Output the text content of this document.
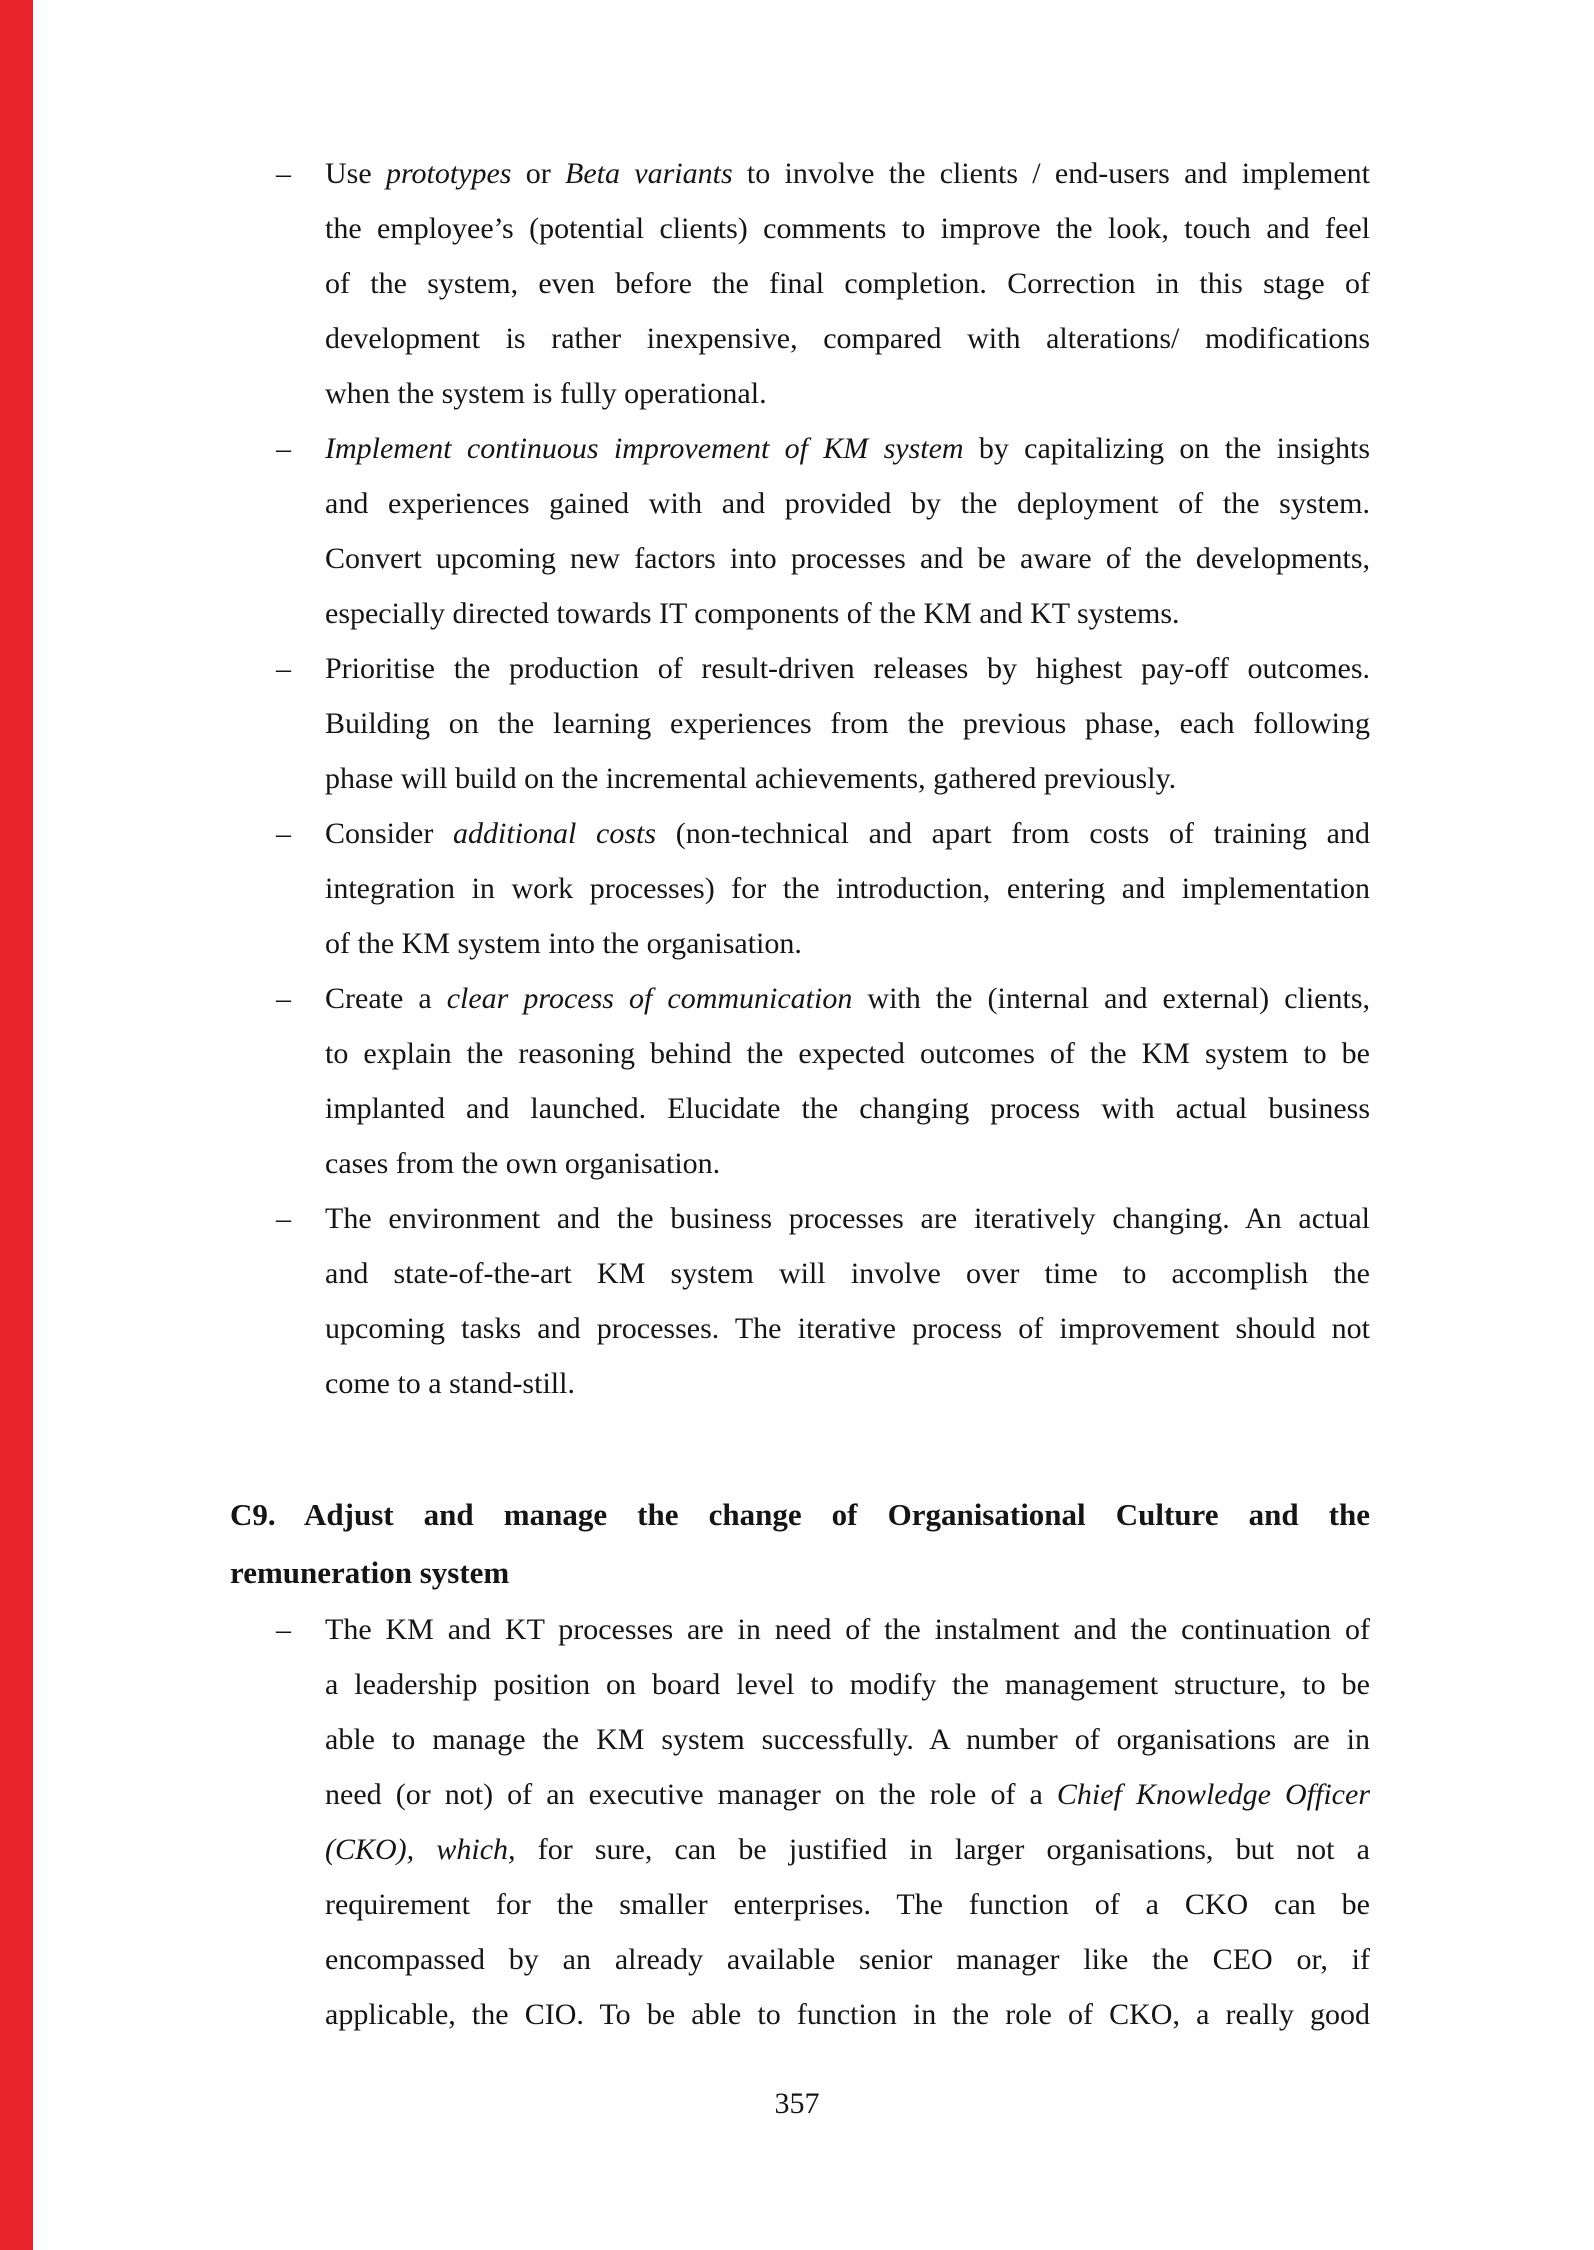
–	Use prototypes or Beta variants to involve the clients / end-users and implement
the employee’s (potential clients) comments to improve the look, touch and feel
of the system, even before the final completion. Correction in this stage of
development is rather inexpensive, compared with alterations/ modifications
when the system is fully operational.
–	Implement continuous improvement of KM system by capitalizing on the insights
and experiences gained with and provided by the deployment of the system.
Convert upcoming new factors into processes and be aware of the developments,
especially directed towards IT components of the KM and KT systems.
–	Prioritise the production of result-driven releases by highest pay-off outcomes.
Building on the learning experiences from the previous phase, each following
phase will build on the incremental achievements, gathered previously.
–	Consider additional costs (non-technical and apart from costs of training and
integration in work processes) for the introduction, entering and implementation
of the KM system into the organisation.
–	Create a clear process of communication with the (internal and external) clients,
to explain the reasoning behind the expected outcomes of the KM system to be
implanted and launched. Elucidate the changing process with actual business
cases from the own organisation.
–	The environment and the business processes are iteratively changing. An actual
and state-of-the-art KM system will involve over time to accomplish the
upcoming tasks and processes. The iterative process of improvement should not
come to a stand-still.
C9. Adjust and manage the change of Organisational Culture and the
remuneration system
–	The KM and KT processes are in need of the instalment and the continuation of
a leadership position on board level to modify the management structure, to be
able to manage the KM system successfully. A number of organisations are in
need (or not) of an executive manager on the role of a Chief Knowledge Officer
(CKO), which, for sure, can be justified in larger organisations, but not a
requirement for the smaller enterprises. The function of a CKO can be
encompassed by an already available senior manager like the CEO or, if
applicable, the CIO. To be able to function in the role of CKO, a really good
357
